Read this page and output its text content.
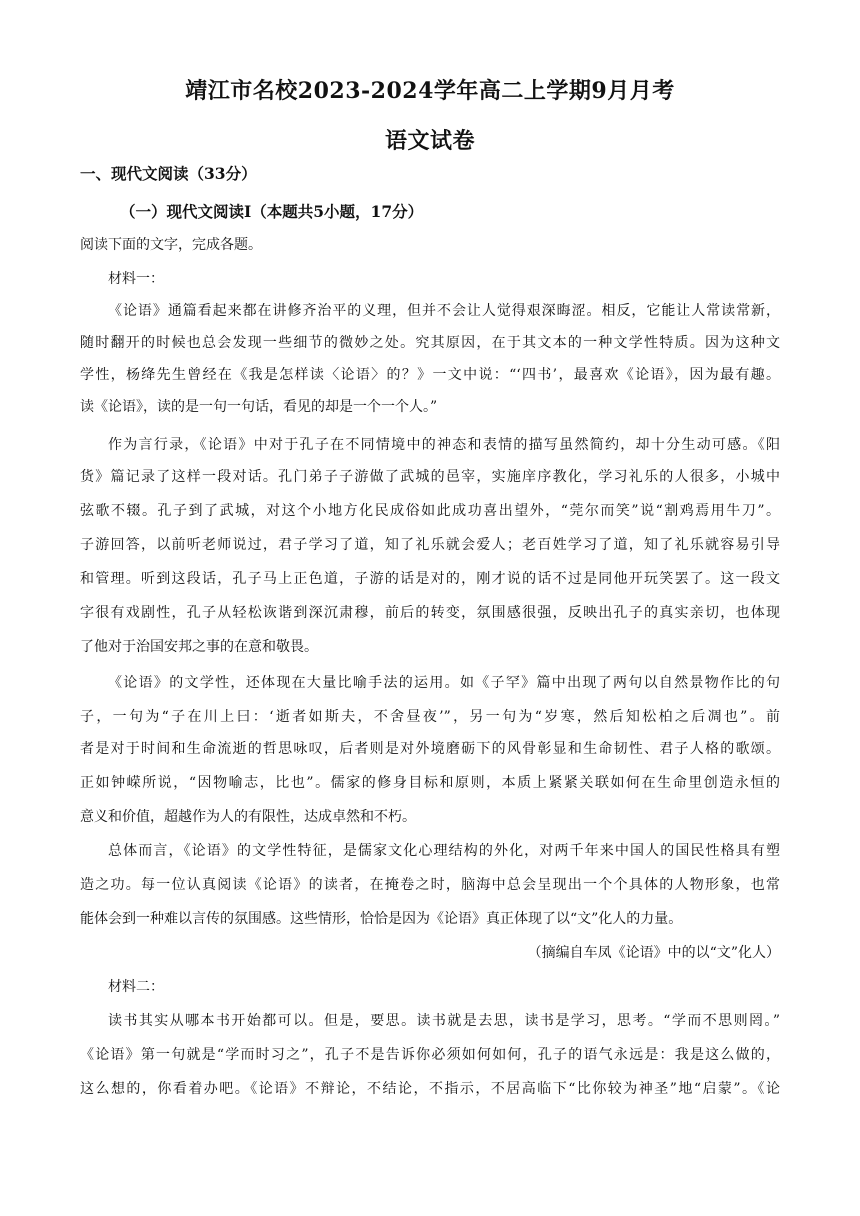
靖江市名校2023-2024学年高二上学期9月月考
语文试卷
一、现代文阅读（33分）
（一）现代文阅读Ⅰ（本题共5小题，17分）
阅读下面的文字，完成各题。
材料一：
《论语》通篇看起来都在讲修齐治平的义理，但并不会让人觉得艰深晦涩。相反，它能让人常读常新，
随时翻开的时候也总会发现一些细节的微妙之处。究其原因，在于其文本的一种文学性特质。因为这种文
学性，杨绛先生曾经在《我是怎样读〈论语〉的？》一文中说：“‘四书’，最喜欢《论语》，因为最有趣。
读《论语》，读的是一句一句话，看见的却是一个一个人。”
作为言行录，《论语》中对于孔子在不同情境中的神态和表情的描写虽然简约，却十分生动可感。《阳
货》篇记录了这样一段对话。孔门弟子子游做了武城的邑宰，实施庠序教化，学习礼乐的人很多，小城中
弦歌不辍。孔子到了武城，对这个小地方化民成俗如此成功喜出望外，“莞尔而笑”说“割鸡焉用牛刀”。
子游回答，以前听老师说过，君子学习了道，知了礼乐就会爱人；老百姓学习了道，知了礼乐就容易引导
和管理。听到这段话，孔子马上正色道，子游的话是对的，刚才说的话不过是同他开玩笑罢了。这一段文
字很有戏剧性，孔子从轻松诙谐到深沉肃穆，前后的转变，氛围感很强，反映出孔子的真实亲切，也体现
了他对于治国安邦之事的在意和敬畏。
《论语》的文学性，还体现在大量比喻手法的运用。如《子罕》篇中出现了两句以自然景物作比的句
子，一句为“子在川上曰：‘逝者如斯夫，不舍昼夜’”，另一句为“岁寒，然后知松柏之后凋也”。前
者是对于时间和生命流逝的哲思咏叹，后者则是对外境磨砺下的风骨彰显和生命韧性、君子人格的歌颂。
正如钟嵘所说，“因物喻志，比也”。儒家的修身目标和原则，本质上紧紧关联如何在生命里创造永恒的
意义和价值，超越作为人的有限性，达成卓然和不朽。
总体而言，《论语》的文学性特征，是儒家文化心理结构的外化，对两千年来中国人的国民性格具有塑
造之功。每一位认真阅读《论语》的读者，在掩卷之时，脑海中总会呈现出一个个具体的人物形象，也常
能体会到一种难以言传的氛围感。这些情形，恰恰是因为《论语》真正体现了以“文”化人的力量。
（摘编自车凤《论语》中的以“文”化人）
材料二：
读书其实从哪本书开始都可以。但是，要思。读书就是去思，读书是学习，思考。“学而不思则罔。”
《论语》第一句就是“学而时习之”，孔子不是告诉你必须如何如何，孔子的语气永远是：我是这么做的，
这么想的，你看着办吧。《论语》不辩论，不结论，不指示，不居高临下“比你较为神圣”地“启蒙”。《论
